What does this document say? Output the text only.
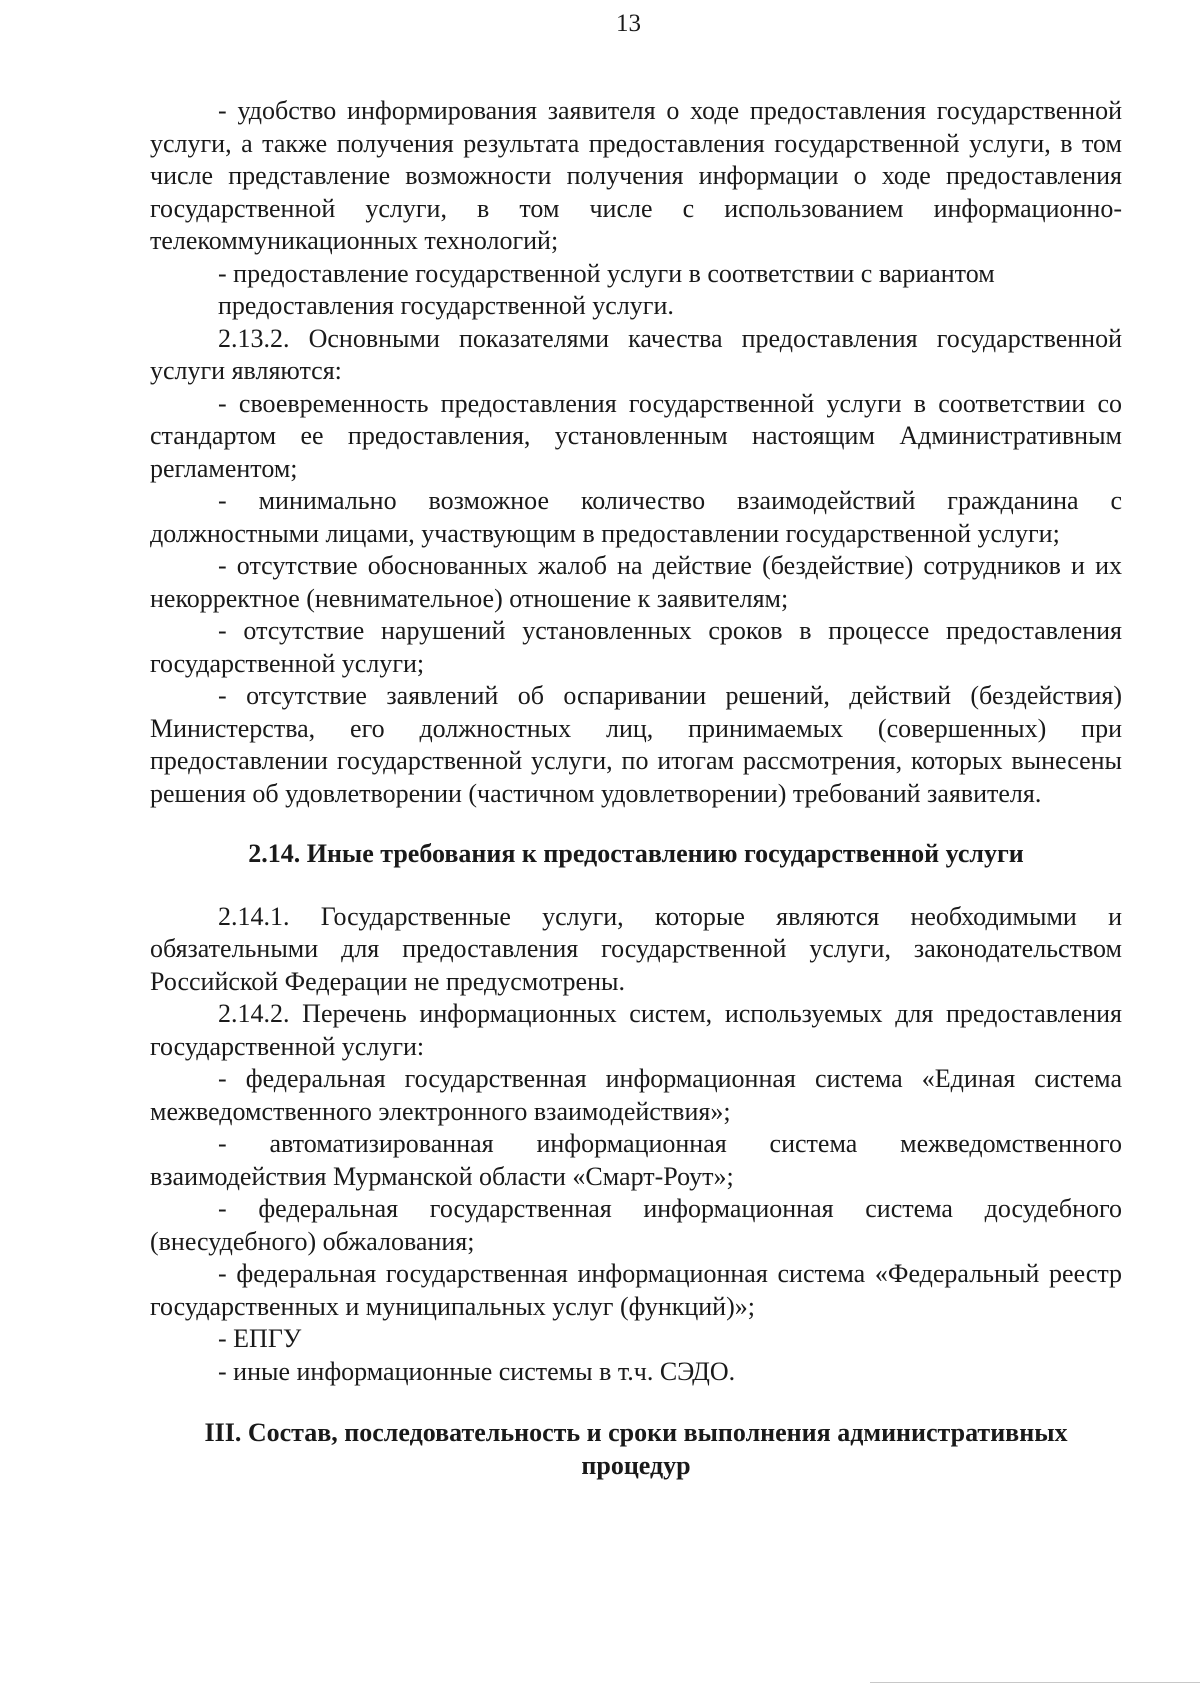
13

- удобство информирования заявителя о ходе предоставления государственной услуги, а также получения результата предоставления государственной услуги, в том числе представление возможности получения информации о ходе предоставления государственной услуги, в том числе с использованием информационно-телекоммуникационных технологий;

- предоставление государственной услуги в соответствии с вариантом

предоставления государственной услуги.

2.13.2. Основными показателями качества предоставления государственной услуги являются:

- своевременность предоставления государственной услуги в соответствии со стандартом ее предоставления, установленным настоящим Административным регламентом;

- минимально возможное количество взаимодействий гражданина с должностными лицами, участвующим в предоставлении государственной услуги;

- отсутствие обоснованных жалоб на действие (бездействие) сотрудников и их некорректное (невнимательное) отношение к заявителям;

- отсутствие нарушений установленных сроков в процессе предоставления государственной услуги;

- отсутствие заявлений об оспаривании решений, действий (бездействия) Министерства, его должностных лиц, принимаемых (совершенных) при предоставлении государственной услуги, по итогам рассмотрения, которых вынесены решения об удовлетворении (частичном удовлетворении) требований заявителя.

2.14. Иные требования к предоставлению государственной услуги

2.14.1. Государственные услуги, которые являются необходимыми и обязательными для предоставления государственной услуги, законодательством Российской Федерации не предусмотрены.

2.14.2. Перечень информационных систем, используемых для предоставления государственной услуги:

- федеральная государственная информационная система «Единая система межведомственного электронного взаимодействия»;

- автоматизированная информационная система межведомственного взаимодействия Мурманской области «Смарт-Роут»;

- федеральная государственная информационная система досудебного (внесудебного) обжалования;

- федеральная государственная информационная система «Федеральный реестр государственных и муниципальных услуг (функций)»;

- ЕПГУ

- иные информационные системы в т.ч. СЭДО.

III. Состав, последовательность и сроки выполнения административных
процедур
